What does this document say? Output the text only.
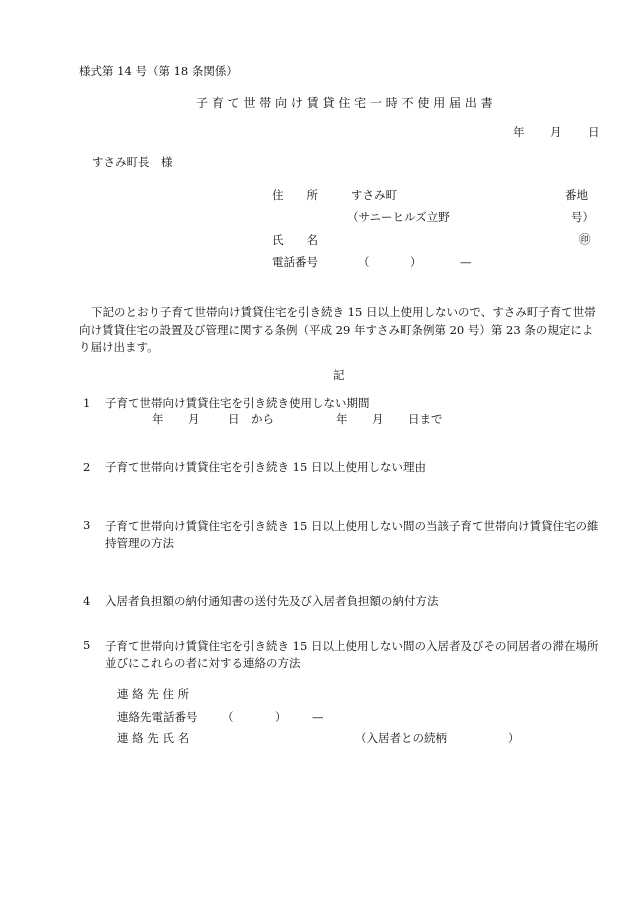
様式第 14 号（第 18 条関係）
子 育 て 世 帯 向 け 賃 貸 住 宅 一 時 不 使 用 届 出 書
年 月 日
すさみ町長　様
住　　所	すさみ町	番地
（サニーヒルズ立野	号）
氏　　名	㊞
電話番号	（	）	—
下記のとおり子育て世帯向け賃貸住宅を引き続き 15 日以上使用しないので、すさみ町子育て世帯向け賃貸住宅の設置及び管理に関する条例（平成 29 年すさみ町条例第 20 号）第 23 条の規定により届け出ます。
記
1 子育て世帯向け賃貸住宅を引き続き使用しない期間
年 月 日 から	年 月 日まで
2 子育て世帯向け賃貸住宅を引き続き 15 日以上使用しない理由
3	子育て世帯向け賃貸住宅を引き続き 15 日以上使用しない間の当該子育て世帯向け賃貸住宅の維持管理の方法
4 入居者負担額の納付通知書の送付先及び入居者負担額の納付方法
5	子育て世帯向け賃貸住宅を引き続き 15 日以上使用しない間の入居者及びその同居者の滞在場所並びにこれらの者に対する連絡の方法
連 絡 先 住 所
連絡先電話番号 （	） —
連 絡 先 氏 名	（入居者との続柄	）
